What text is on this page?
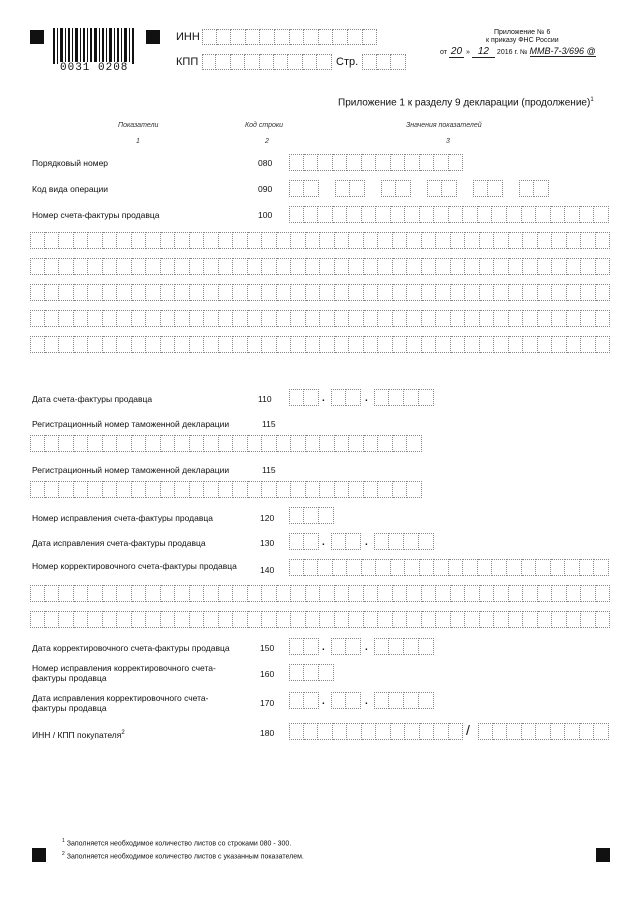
0031 0208
ИНН
КПП	Стр.
Приложение № 6
к приказу ФНС России
от 20 » 12 2016 г. № ММВ-7-3/696 @
Приложение 1 к разделу 9 декларации (продолжение)$^1$
Показатели	Код строки	Значения показателей
1	2	3
Порядковый номер	080
Код вида операции	090
Номер счета-фактуры продавца	100
Дата счета-фактуры продавца	110	.	.
Регистрационный номер таможенной декларации	115
Регистрационный номер таможенной декларации	115
Номер исправления счета-фактуры продавца	120
Дата исправления счета-фактуры продавца	130	.	.
Номер корректировочного счета-фактуры продавца	140
Дата корректировочного счета-фактуры продавца	150	.	.
Номер исправления корректировочного счета-фактуры продавца	160
Дата исправления корректировочного счета-фактуры продавца	170	.	.
ИНН / КПП покупателя$^2$	180	/
$^1$ Заполняется необходимое количество листов со строками 080 - 300.
$^2$ Заполняется необходимое количество листов с указанным показателем.
